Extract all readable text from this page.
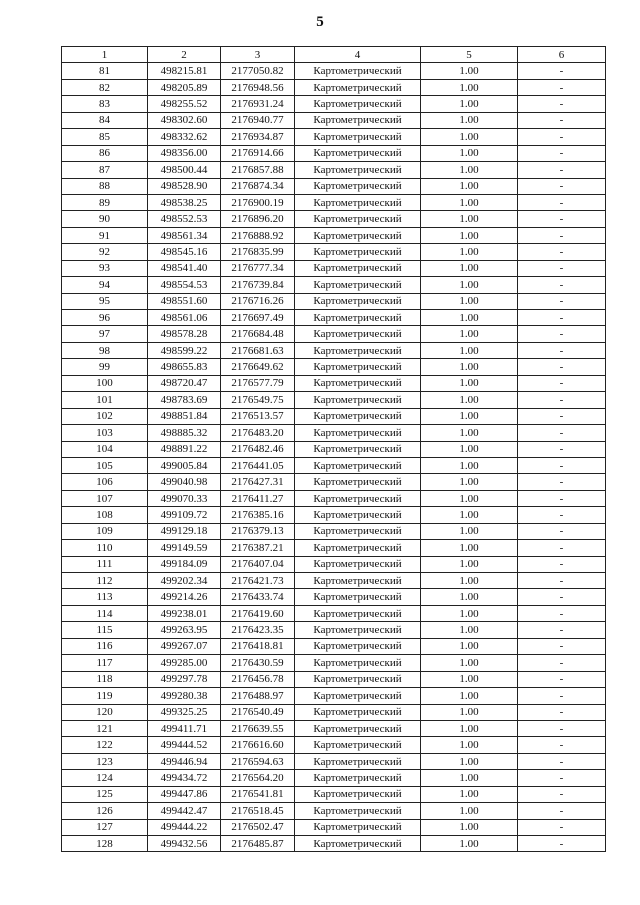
5
1	2	3	4	5	6
81	498215.81	2177050.82	Картометрический	1.00	-
82	498205.89	2176948.56	Картометрический	1.00	-
83	498255.52	2176931.24	Картометрический	1.00	-
84	498302.60	2176940.77	Картометрический	1.00	-
85	498332.62	2176934.87	Картометрический	1.00	-
86	498356.00	2176914.66	Картометрический	1.00	-
87	498500.44	2176857.88	Картометрический	1.00	-
88	498528.90	2176874.34	Картометрический	1.00	-
89	498538.25	2176900.19	Картометрический	1.00	-
90	498552.53	2176896.20	Картометрический	1.00	-
91	498561.34	2176888.92	Картометрический	1.00	-
92	498545.16	2176835.99	Картометрический	1.00	-
93	498541.40	2176777.34	Картометрический	1.00	-
94	498554.53	2176739.84	Картометрический	1.00	-
95	498551.60	2176716.26	Картометрический	1.00	-
96	498561.06	2176697.49	Картометрический	1.00	-
97	498578.28	2176684.48	Картометрический	1.00	-
98	498599.22	2176681.63	Картометрический	1.00	-
99	498655.83	2176649.62	Картометрический	1.00	-
100	498720.47	2176577.79	Картометрический	1.00	-
101	498783.69	2176549.75	Картометрический	1.00	-
102	498851.84	2176513.57	Картометрический	1.00	-
103	498885.32	2176483.20	Картометрический	1.00	-
104	498891.22	2176482.46	Картометрический	1.00	-
105	499005.84	2176441.05	Картометрический	1.00	-
106	499040.98	2176427.31	Картометрический	1.00	-
107	499070.33	2176411.27	Картометрический	1.00	-
108	499109.72	2176385.16	Картометрический	1.00	-
109	499129.18	2176379.13	Картометрический	1.00	-
110	499149.59	2176387.21	Картометрический	1.00	-
111	499184.09	2176407.04	Картометрический	1.00	-
112	499202.34	2176421.73	Картометрический	1.00	-
113	499214.26	2176433.74	Картометрический	1.00	-
114	499238.01	2176419.60	Картометрический	1.00	-
115	499263.95	2176423.35	Картометрический	1.00	-
116	499267.07	2176418.81	Картометрический	1.00	-
117	499285.00	2176430.59	Картометрический	1.00	-
118	499297.78	2176456.78	Картометрический	1.00	-
119	499280.38	2176488.97	Картометрический	1.00	-
120	499325.25	2176540.49	Картометрический	1.00	-
121	499411.71	2176639.55	Картометрический	1.00	-
122	499444.52	2176616.60	Картометрический	1.00	-
123	499446.94	2176594.63	Картометрический	1.00	-
124	499434.72	2176564.20	Картометрический	1.00	-
125	499447.86	2176541.81	Картометрический	1.00	-
126	499442.47	2176518.45	Картометрический	1.00	-
127	499444.22	2176502.47	Картометрический	1.00	-
128	499432.56	2176485.87	Картометрический	1.00	-
